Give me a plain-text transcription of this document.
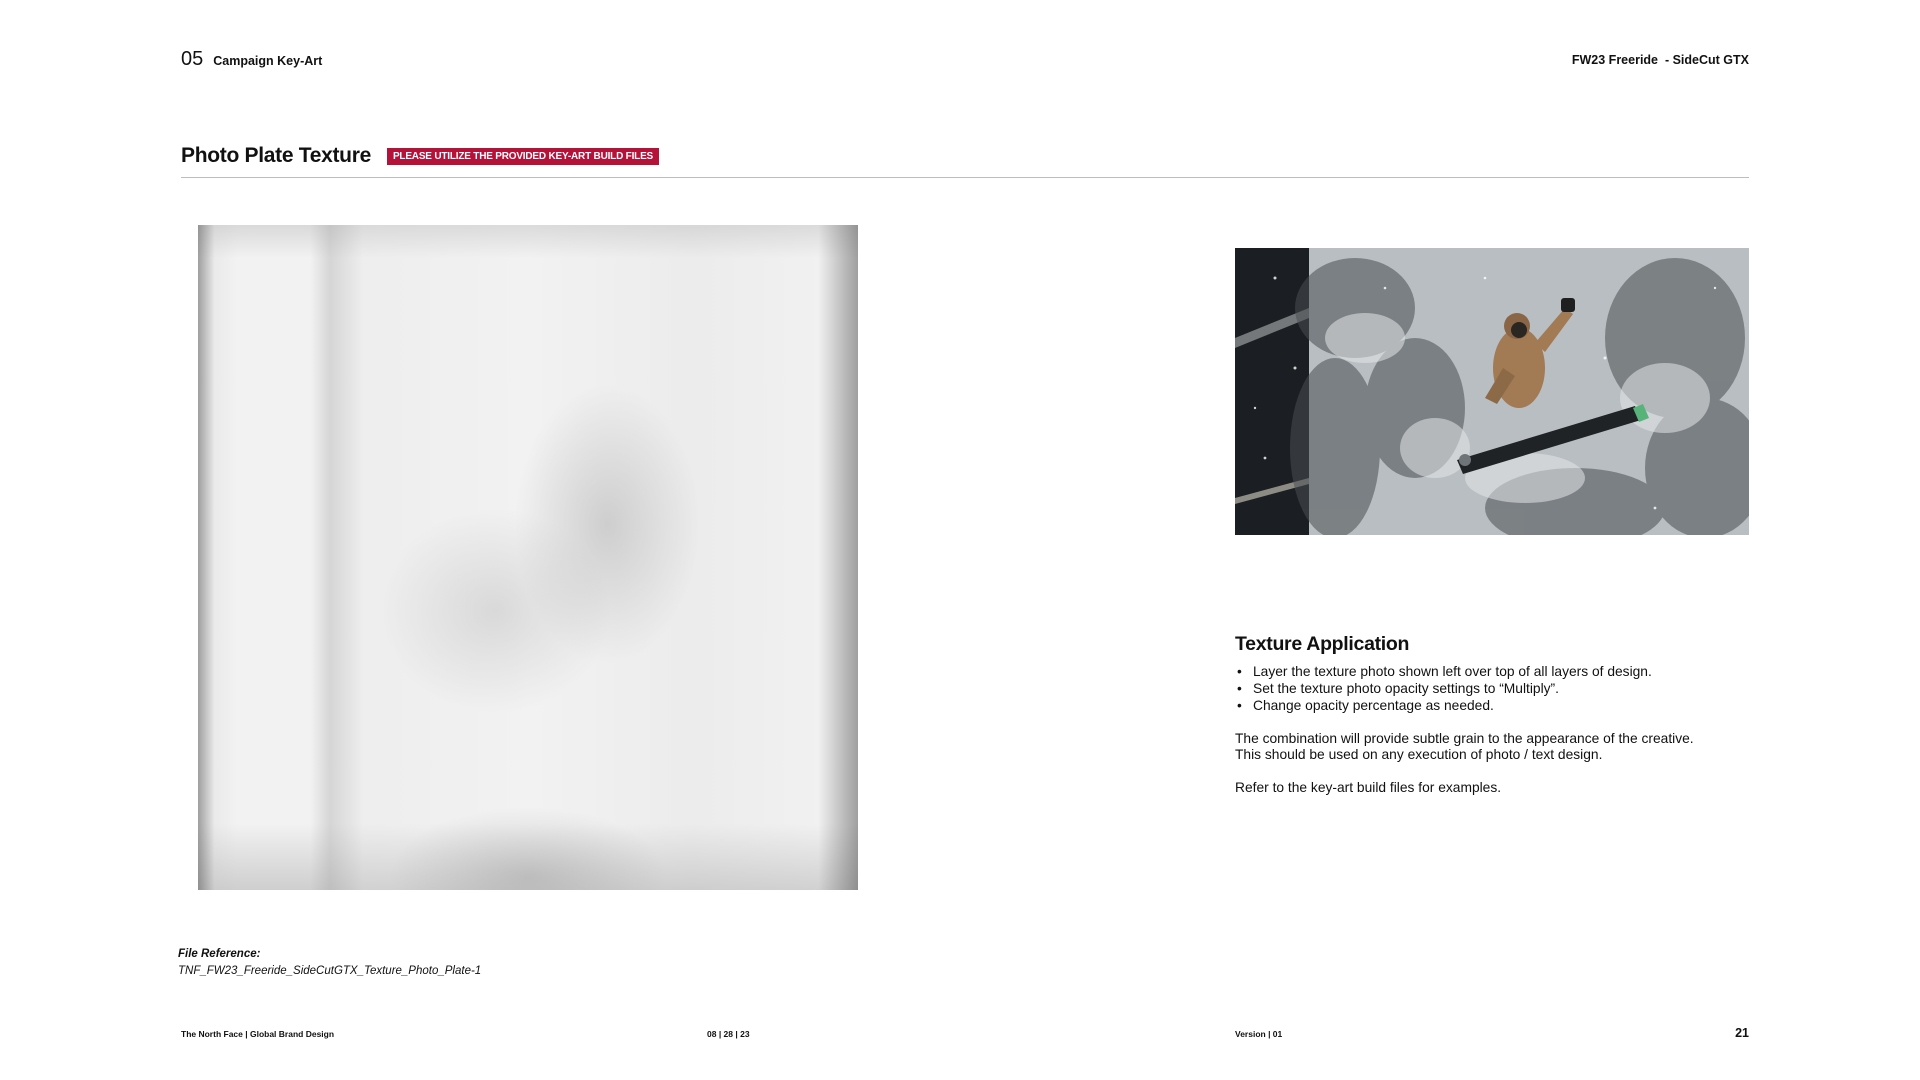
05 Campaign Key-Art	FW23 Freeride  - SideCut GTX
Photo Plate Texture	PLEASE UTILIZE THE PROVIDED KEY-ART BUILD FILES
Texture Application
• Layer the texture photo shown left over top of all layers of design.
• Set the texture photo opacity settings to “Multiply”.
• Change opacity percentage as needed.

The combination will provide subtle grain to the appearance of the creative.
This should be used on any execution of photo / text design.

Refer to the key-art build files for examples.

File Reference:
TNF_FW23_Freeride_SideCutGTX_Texture_Photo_Plate-1
The North Face | Global Brand Design	08 | 28 | 23	Version | 01	21
